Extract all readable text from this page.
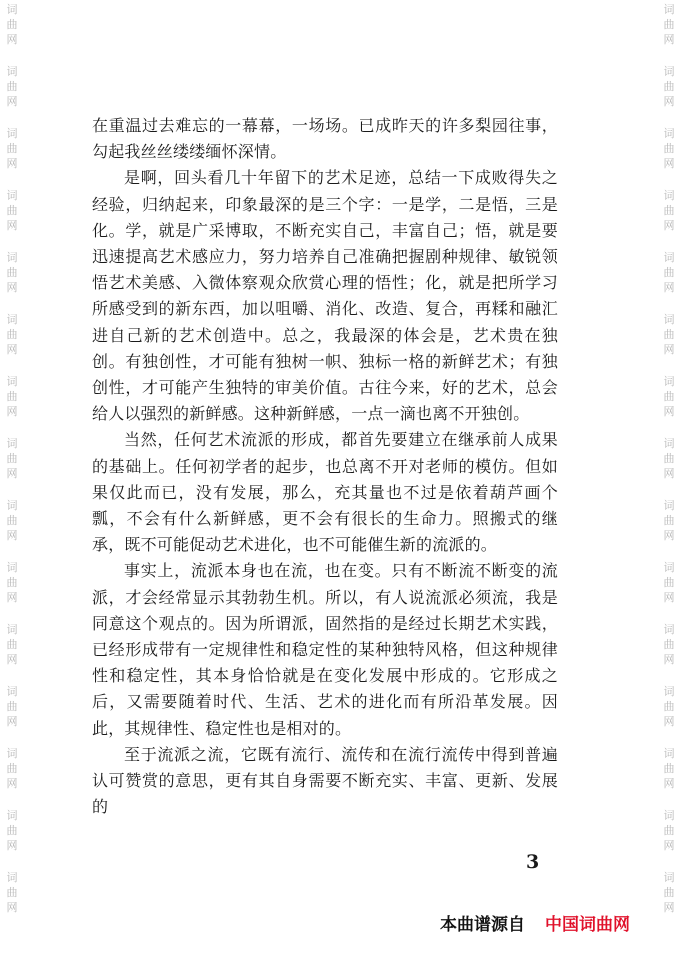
词
曲
网
词
曲
网
词
曲
网
词
曲
网
词
曲
网
词
曲
网
词
曲
网
词
曲
网
词
曲
网
词
曲
网
词
曲
网
词
曲
网
词
曲
网
词
曲
网
词
曲
网
词
曲
网
词
曲
网
词
曲
网
词
曲
网
词
曲
网
词
曲
网
词
曲
网
词
曲
网
词
曲
网
词
曲
网
词
曲
网
词
曲
网
词
曲
网
词
曲
网
词
曲
网

在重温过去难忘的一幕幕，一场场。已成昨天的许多梨园往事，勾起我丝丝缕缕缅怀深情。

是啊，回头看几十年留下的艺术足迹，总结一下成败得失之经验，归纳起来，印象最深的是三个字：一是学，二是悟，三是化。学，就是广采博取，不断充实自己，丰富自己；悟，就是要迅速提高艺术感应力，努力培养自己准确把握剧种规律、敏锐领悟艺术美感、入微体察观众欣赏心理的悟性；化，就是把所学习所感受到的新东西，加以咀嚼、消化、改造、复合，再糅和融汇进自己新的艺术创造中。总之，我最深的体会是，艺术贵在独创。有独创性，才可能有独树一帜、独标一格的新鲜艺术；有独创性，才可能产生独特的审美价值。古往今来，好的艺术，总会给人以强烈的新鲜感。这种新鲜感，一点一滴也离不开独创。

当然，任何艺术流派的形成，都首先要建立在继承前人成果的基础上。任何初学者的起步，也总离不开对老师的模仿。但如果仅此而已，没有发展，那么，充其量也不过是依着葫芦画个瓢，不会有什么新鲜感，更不会有很长的生命力。照搬式的继承，既不可能促动艺术进化，也不可能催生新的流派的。

事实上，流派本身也在流，也在变。只有不断流不断变的流派，才会经常显示其勃勃生机。所以，有人说流派必须流，我是同意这个观点的。因为所谓派，固然指的是经过长期艺术实践，已经形成带有一定规律性和稳定性的某种独特风格，但这种规律性和稳定性，其本身恰恰就是在变化发展中形成的。它形成之后，又需要随着时代、生活、艺术的进化而有所沿革发展。因此，其规律性、稳定性也是相对的。

至于流派之流，它既有流行、流传和在流行流传中得到普遍认可赞赏的意思，更有其自身需要不断充实、丰富、更新、发展的

3
本曲谱源自 中国词曲网
